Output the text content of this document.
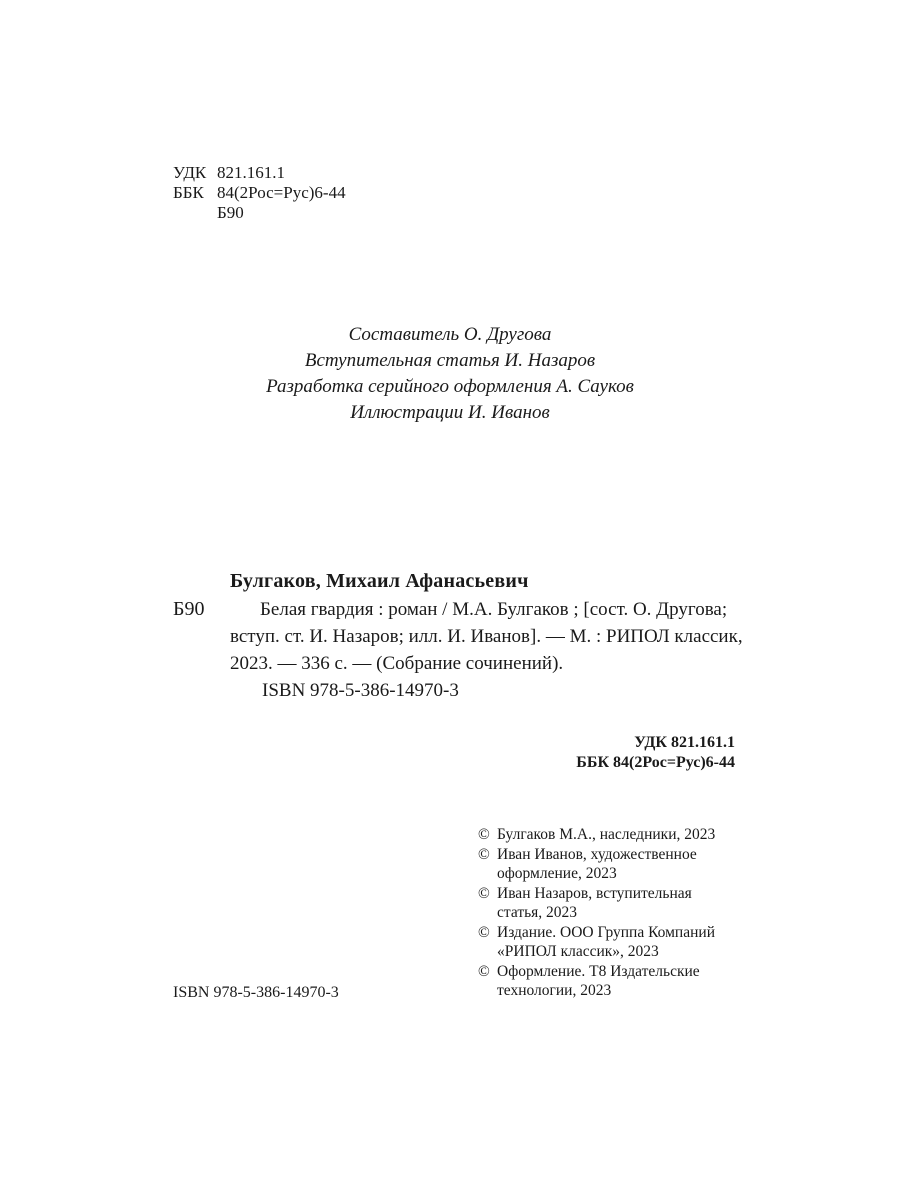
УДК 821.161.1
ББК 84(2Рос=Рус)6-44
Б90
Составитель О. Другова
Вступительная статья И. Назаров
Разработка серийного оформления А. Сауков
Иллюстрации И. Иванов
Булгаков, Михаил Афанасьевич
Б90	Белая гвардия : роман / М.А. Булгаков ; [сост. О. Другова;
вступ. ст. И. Назаров; илл. И. Иванов]. — М. : РИПОЛ классик,
2023. — 336 с. — (Собрание сочинений).
ISBN 978-5-386-14970-3
УДК 821.161.1
ББК 84(2Рос=Рус)6-44
© Булгаков М.А., наследники, 2023
© Иван Иванов, художественное
оформление, 2023
© Иван Назаров, вступительная
статья, 2023
© Издание. ООО Группа Компаний
«РИПОЛ классик», 2023
© Оформление. Т8 Издательские
технологии, 2023
ISBN 978-5-386-14970-3
